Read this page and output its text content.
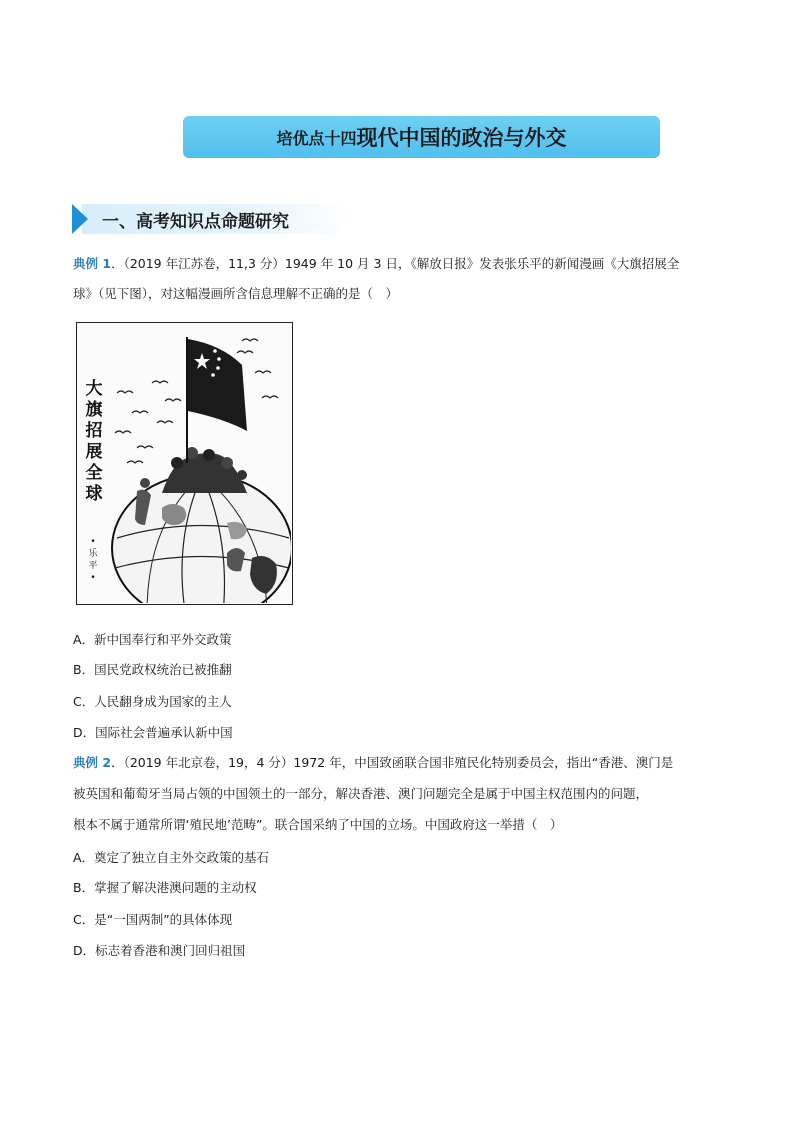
培优点十四 现代中国的政治与外交
一、高考知识点命题研究
典例 1．（2019 年江苏卷，11,3 分）1949 年 10 月 3 日，《解放日报》发表张乐平的新闻漫画《大旗招展全
球》（见下图），对这幅漫画所含信息理解不正确的是（　）
大旗招展全球
•乐平•
A．新中国奉行和平外交政策
B．国民党政权统治已被推翻
C．人民翻身成为国家的主人
D．国际社会普遍承认新中国
典例 2．（2019 年北京卷，19，4 分）1972 年，中国致函联合国非殖民化特别委员会，指出“香港、澳门是
被英国和葡萄牙当局占领的中国领土的一部分，解决香港、澳门问题完全是属于中国主权范围内的问题，
根本不属于通常所谓‘殖民地’范畴”。联合国采纳了中国的立场。中国政府这一举措（　）
A．奠定了独立自主外交政策的基石
B．掌握了解决港澳问题的主动权
C．是“一国两制”的具体体现
D．标志着香港和澳门回归祖国
